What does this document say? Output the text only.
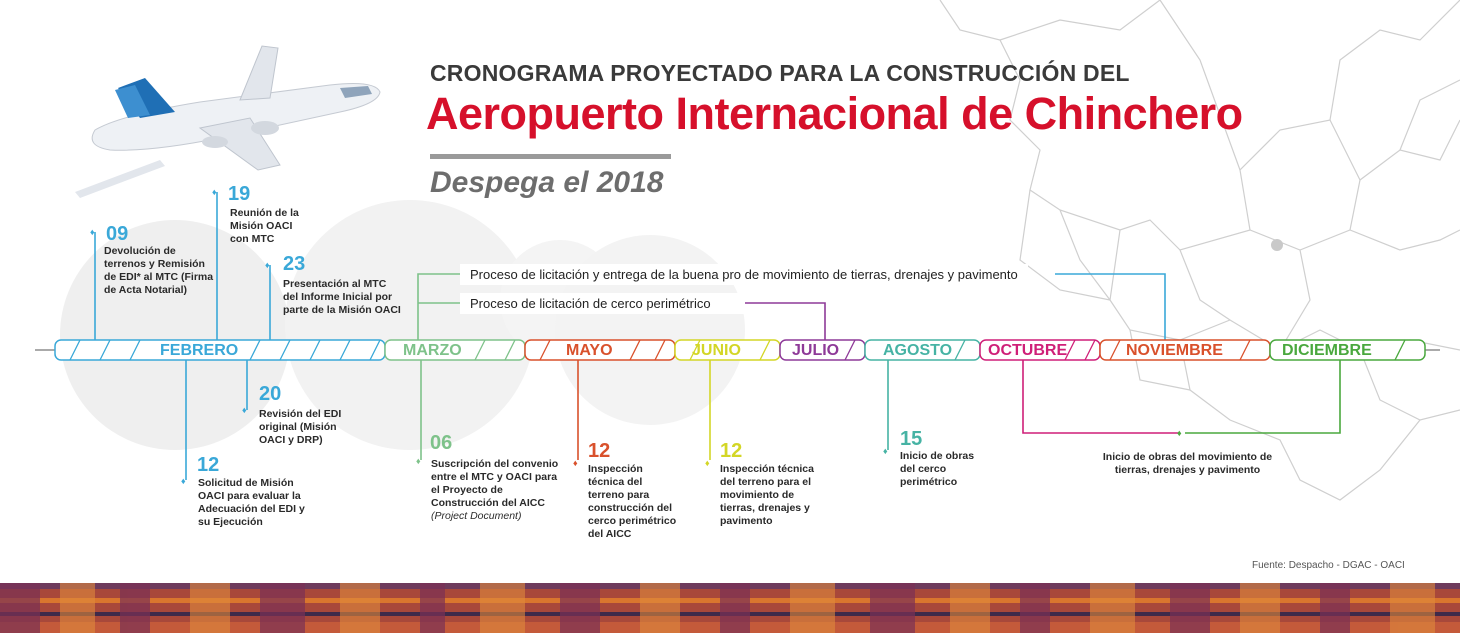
CRONOGRAMA PROYECTADO PARA LA CONSTRUCCIÓN DEL
Aeropuerto Internacional de Chinchero
Despega el 2018
FEBRERO	MARZO	MAYO	JUNIO	JULIO	AGOSTO OCTUBRE	NOVIEMBRE	DICIEMBRE
♦ 09
Devolución de terrenos y Remisión de EDI* al MTC (Firma de Acta Notarial)
♦ 19
Reunión de la Misión OACI con MTC
♦ 23
Presentación al MTC del Informe Inicial por parte de la Misión OACI
20
♦ Revisión del EDI original (Misión OACI y DRP)
12
♦ Solicitud de Misión OACI para evaluar la Adecuación del EDI y su Ejecución
06
♦ Suscripción del convenio entre el MTC y OACI para el Proyecto de Construcción del AICC
(Project Document)
12
♦ Inspección técnica del terreno para construcción del cerco perimétrico del AICC
12
♦ Inspección técnica del terreno para el movimiento de tierras, drenajes y pavimento
15
♦ Inicio de obras del cerco perimétrico
Proceso de licitación y entrega de la buena pro de movimiento de tierras, drenajes y pavimento
Proceso de licitación de cerco perimétrico
♦
Inicio de obras del movimiento de tierras, drenajes y pavimento
Fuente: Despacho - DGAC - OACI
